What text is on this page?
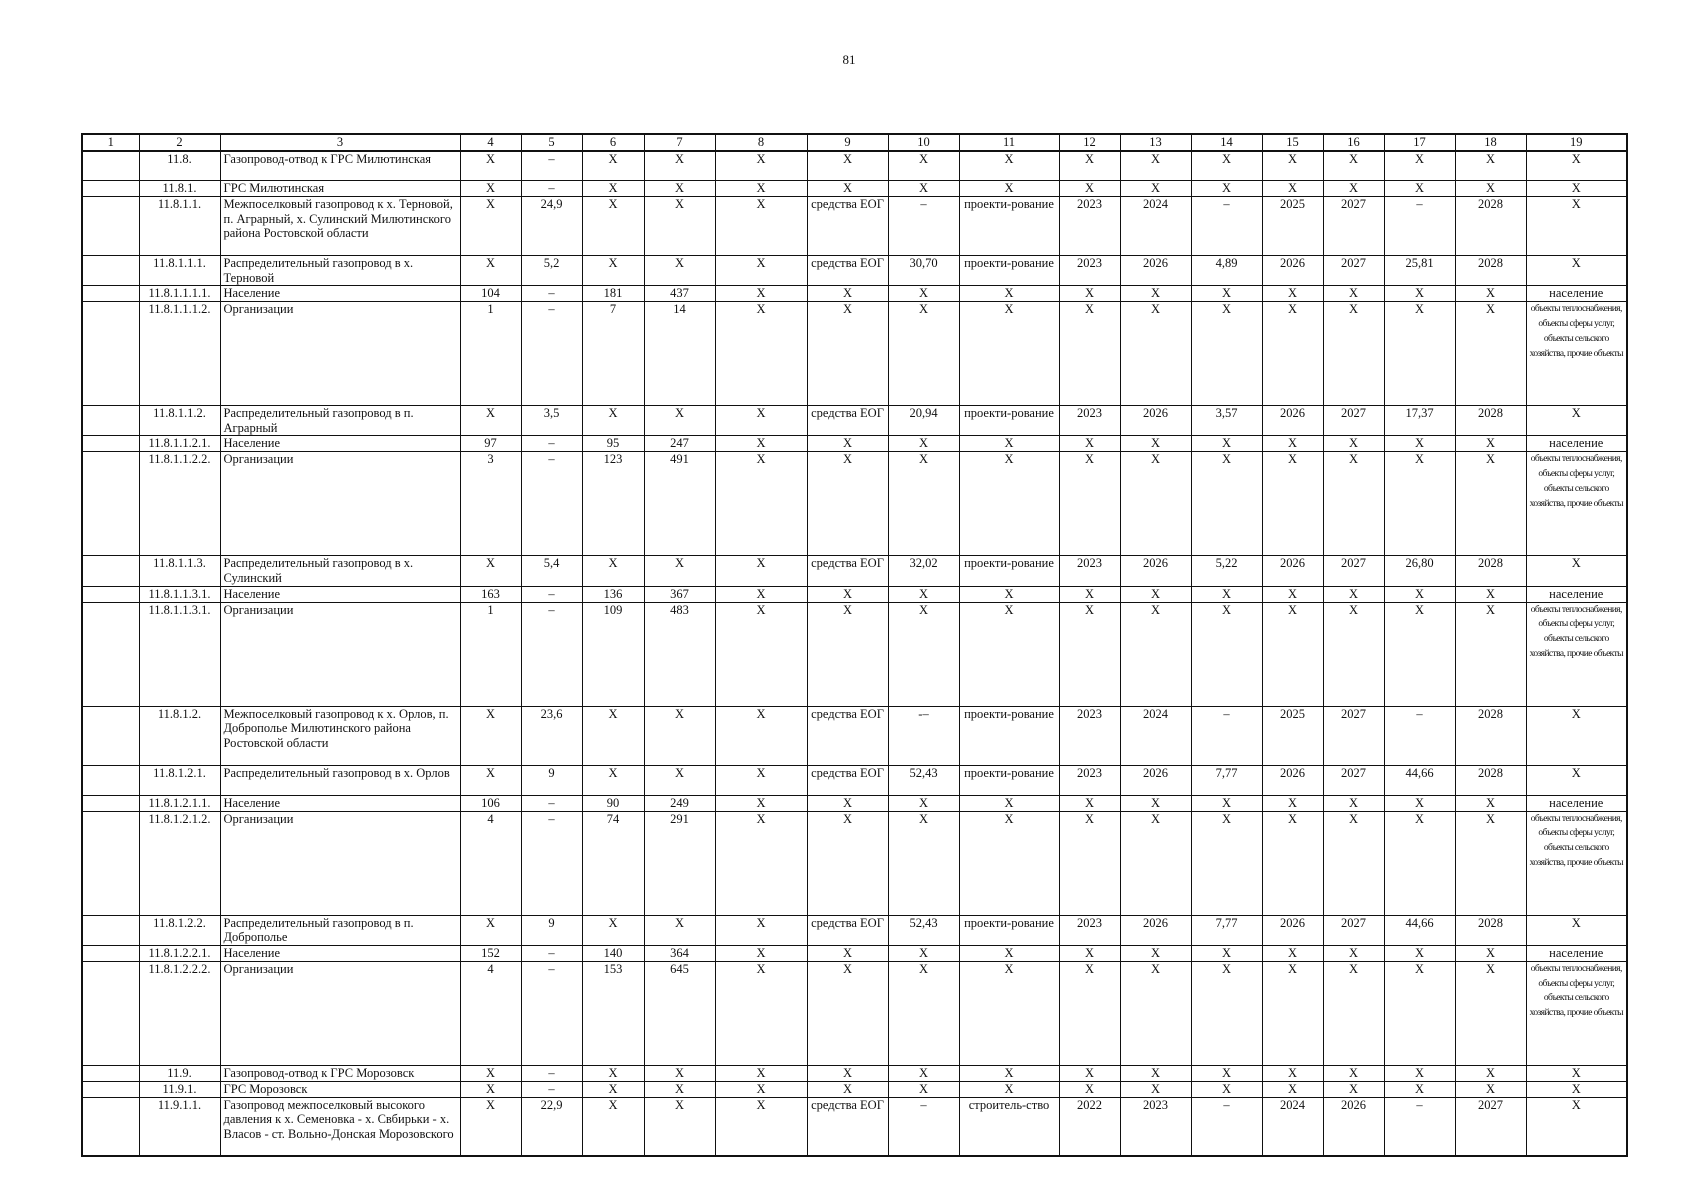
81
1	2	3	4	5	6	7	8	9	10	11	12	13	14	15	16	17	18	19
	11.8.	Газопровод-отвод к ГРС Милютинская	Х	–	Х	Х	Х	Х	Х	Х	Х	Х	Х	Х	Х	Х	Х	Х
	11.8.1.	ГРС Милютинская	Х	–	Х	Х	Х	Х	Х	Х	Х	Х	Х	Х	Х	Х	Х	Х
	11.8.1.1.	Межпоселковый газопровод к х. Терновой, п. Аграрный, х. Сулинский Милютинского района Ростовской области	Х	24,9	Х	Х	Х	средства ЕОГ	–	проекти-рование	2023	2024	–	2025	2027	–	2028	Х
	11.8.1.1.1.	Распределительный газопровод в х. Терновой	Х	5,2	Х	Х	Х	средства ЕОГ	30,70	проекти-рование	2023	2026	4,89	2026	2027	25,81	2028	Х
	11.8.1.1.1.1.	Население	104	–	181	437	Х	Х	Х	Х	Х	Х	Х	Х	Х	Х	Х	население
	11.8.1.1.1.2.	Организации	1	–	7	14	Х	Х	Х	Х	Х	Х	Х	Х	Х	Х	Х	объекты теплоснабжения, объекты сферы услуг, объекты сельского хозяйства, прочие объекты
	11.8.1.1.2.	Распределительный газопровод в п. Аграрный	Х	3,5	Х	Х	Х	средства ЕОГ	20,94	проекти-рование	2023	2026	3,57	2026	2027	17,37	2028	Х
	11.8.1.1.2.1.	Население	97	–	95	247	Х	Х	Х	Х	Х	Х	Х	Х	Х	Х	Х	население
	11.8.1.1.2.2.	Организации	3	–	123	491	Х	Х	Х	Х	Х	Х	Х	Х	Х	Х	Х	объекты теплоснабжения, объекты сферы услуг, объекты сельского хозяйства, прочие объекты
	11.8.1.1.3.	Распределительный газопровод в х. Сулинский	Х	5,4	Х	Х	Х	средства ЕОГ	32,02	проекти-рование	2023	2026	5,22	2026	2027	26,80	2028	Х
	11.8.1.1.3.1.	Население	163	–	136	367	Х	Х	Х	Х	Х	Х	Х	Х	Х	Х	Х	население
	11.8.1.1.3.1.	Организации	1	–	109	483	Х	Х	Х	Х	Х	Х	Х	Х	Х	Х	Х	объекты теплоснабжения, объекты сферы услуг, объекты сельского хозяйства, прочие объекты
	11.8.1.2.	Межпоселковый газопровод к х. Орлов, п. Доброполье Милютинского района Ростовской области	Х	23,6	Х	Х	Х	средства ЕОГ	-–	проекти-рование	2023	2024	–	2025	2027	–	2028	Х
	11.8.1.2.1.	Распределительный газопровод в х. Орлов	Х	9	Х	Х	Х	средства ЕОГ	52,43	проекти-рование	2023	2026	7,77	2026	2027	44,66	2028	Х
	11.8.1.2.1.1.	Население	106	–	90	249	Х	Х	Х	Х	Х	Х	Х	Х	Х	Х	Х	население
	11.8.1.2.1.2.	Организации	4	–	74	291	Х	Х	Х	Х	Х	Х	Х	Х	Х	Х	Х	объекты теплоснабжения, объекты сферы услуг, объекты сельского хозяйства, прочие объекты
	11.8.1.2.2.	Распределительный газопровод в п. Доброполье	Х	9	Х	Х	Х	средства ЕОГ	52,43	проекти-рование	2023	2026	7,77	2026	2027	44,66	2028	Х
	11.8.1.2.2.1.	Население	152	–	140	364	Х	Х	Х	Х	Х	Х	Х	Х	Х	Х	Х	население
	11.8.1.2.2.2.	Организации	4	–	153	645	Х	Х	Х	Х	Х	Х	Х	Х	Х	Х	Х	объекты теплоснабжения, объекты сферы услуг, объекты сельского хозяйства, прочие объекты
	11.9.	Газопровод-отвод к ГРС Морозовск	Х	–	Х	Х	Х	Х	Х	Х	Х	Х	Х	Х	Х	Х	Х	Х
	11.9.1.	ГРС Морозовск	Х	–	Х	Х	Х	Х	Х	Х	Х	Х	Х	Х	Х	Х	Х	Х
	11.9.1.1.	Газопровод межпоселковый высокого давления к х. Семеновка - х. Свбирьки - х. Власов - ст. Вольно-Донская Морозовского	Х	22,9	Х	Х	Х	средства ЕОГ	–	строитель-ство	2022	2023	–	2024	2026	–	2027	Х
